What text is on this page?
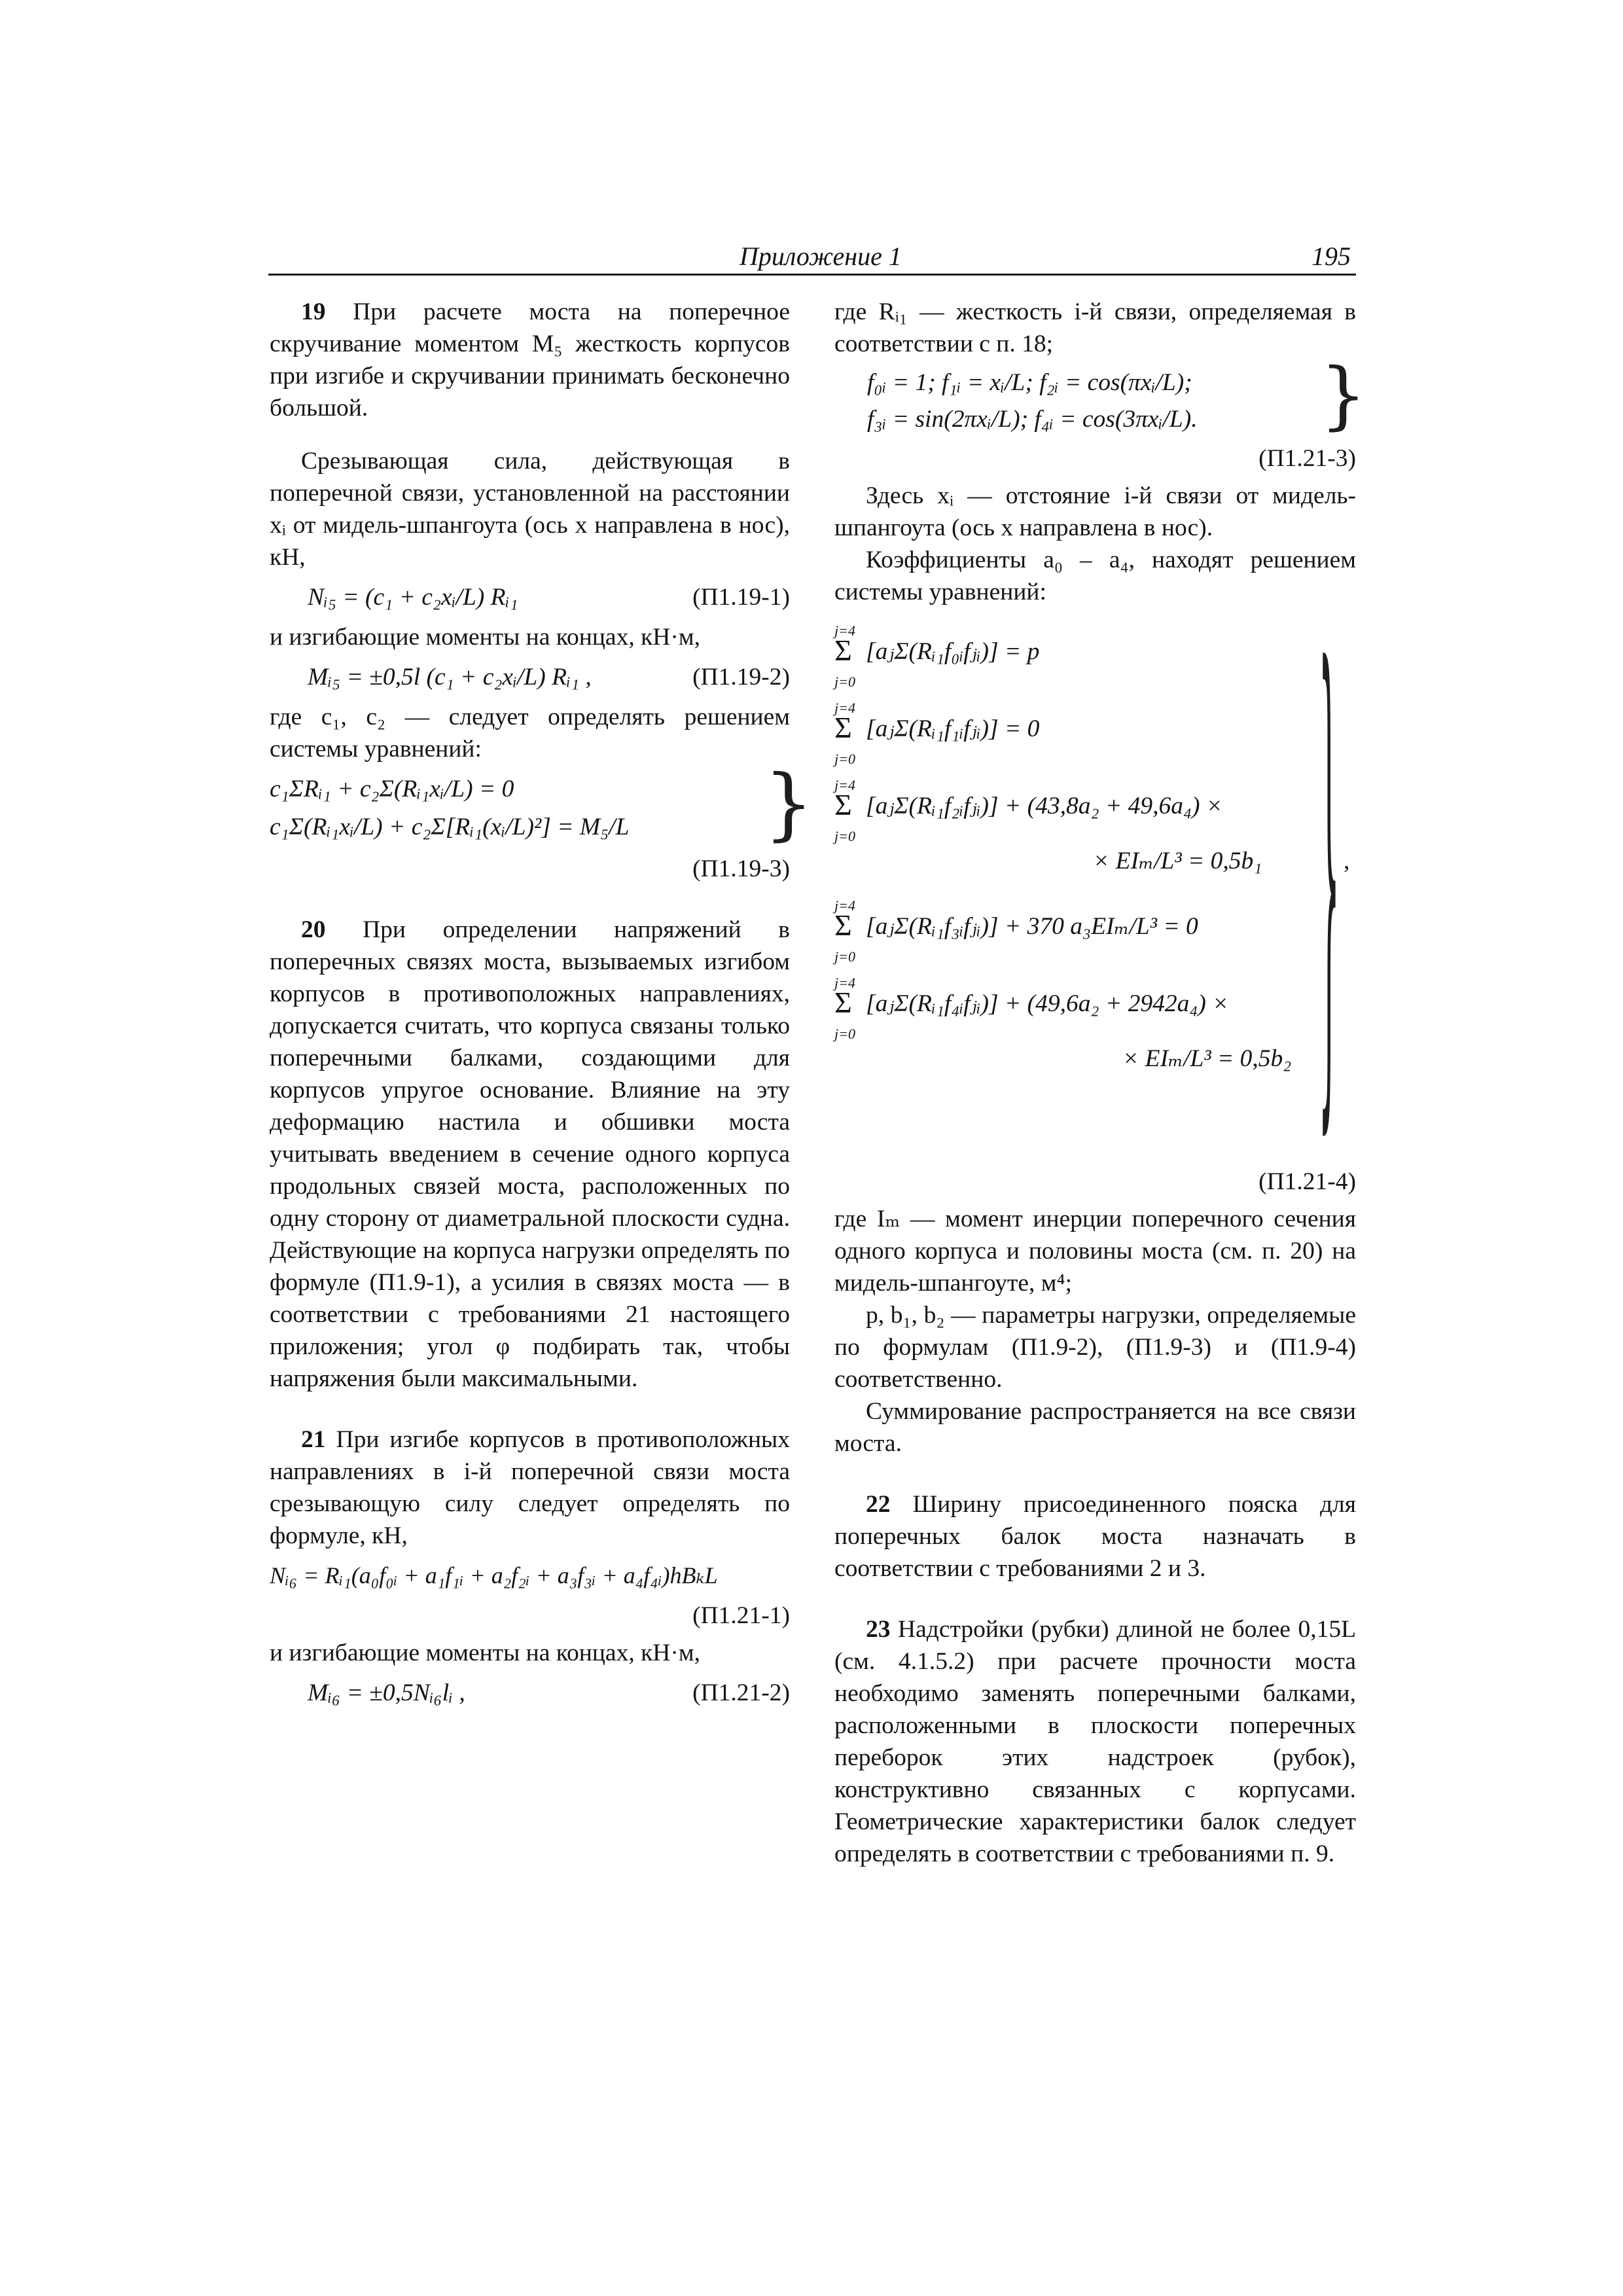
Приложение 1	195

19 При расчете моста на поперечное скручивание моментом M₅ жесткость корпусов при изгибе и скручивании принимать бесконечно большой.

Срезывающая сила, действующая в поперечной связи, установленной на расстоянии xᵢ от мидель-шпангоута (ось x направлена в нос), кН,

Nᵢ₅ = (c₁ + c₂xᵢ/L) Rᵢ₁	(П1.19-1)

и изгибающие моменты на концах, кН·м,

Mᵢ₅ = ±0,5l (c₁ + c₂xᵢ/L) Rᵢ₁ ,	(П1.19-2)

где c₁, c₂ — следует определять решением системы уравнений:

c₁ΣRᵢ₁ + c₂Σ(Rᵢ₁xᵢ/L) = 0
c₁Σ(Rᵢ₁xᵢ/L) + c₂Σ[Rᵢ₁(xᵢ/L)²] = M₅/L }
(П1.19-3)

20 При определении напряжений в поперечных связях моста, вызываемых изгибом корпусов в противоположных направлениях, допускается считать, что корпуса связаны только поперечными балками, создающими для корпусов упругое основание. Влияние на эту деформацию настила и обшивки моста учитывать введением в сечение одного корпуса продольных связей моста, расположенных по одну сторону от диаметральной плоскости судна. Действующие на корпуса нагрузки определять по формуле (П1.9-1), а усилия в связях моста — в соответствии с требованиями 21 настоящего приложения; угол φ подбирать так, чтобы напряжения были максимальными.

21 При изгибе корпусов в противоположных направлениях в i-й поперечной связи моста срезывающую силу следует определять по формуле, кН,

Nᵢ₆ = Rᵢ₁(a₀f₀ᵢ + a₁f₁ᵢ + a₂f₂ᵢ + a₃f₃ᵢ + a₄f₄ᵢ)hBₖL
(П1.21-1)

и изгибающие моменты на концах, кН·м,

Mᵢ₆ = ±0,5Nᵢ₆lᵢ ,	(П1.21-2)

где Rᵢ₁ — жесткость i-й связи, определяемая в соответствии с п. 18;

f₀ᵢ = 1; f₁ᵢ = xᵢ/L; f₂ᵢ = cos(πxᵢ/L);
f₃ᵢ = sin(2πxᵢ/L); f₄ᵢ = cos(3πxᵢ/L). }
(П1.21-3)

Здесь xᵢ — отстояние i-й связи от мидель-шпангоута (ось x направлена в нос).

Коэффициенты a₀ – a₄, находят решением системы уравнений:

j=4
Σ
j=0
[aⱼΣ(Rᵢ₁f₀ᵢfⱼᵢ)] = p
j=4
Σ
j=0
[aⱼΣ(Rᵢ₁f₁ᵢfⱼᵢ)] = 0
j=4
Σ
j=0
[aⱼΣ(Rᵢ₁f₂ᵢfⱼᵢ)] + (43,8a₂ + 49,6a₄) ×
× EIₘ/L³ = 0,5b₁
j=4
Σ
j=0
[aⱼΣ(Rᵢ₁f₃ᵢfⱼᵢ)] + 370 a₃EIₘ/L³ = 0
j=4
Σ
j=0
[aⱼΣ(Rᵢ₁f₄ᵢfⱼᵢ)] + (49,6a₂ + 2942a₄) ×
× EIₘ/L³ = 0,5b₂ } ,
(П1.21-4)

где Iₘ — момент инерции поперечного сечения одного корпуса и половины моста (см. п. 20) на мидель-шпангоуте, м⁴;

p, b₁, b₂ — параметры нагрузки, определяемые по формулам (П1.9-2), (П1.9-3) и (П1.9-4) соответственно.

Суммирование распространяется на все связи моста.

22 Ширину присоединенного пояска для поперечных балок моста назначать в соответствии с требованиями 2 и 3.

23 Надстройки (рубки) длиной не более 0,15L (см. 4.1.5.2) при расчете прочности моста необходимо заменять поперечными балками, расположенными в плоскости поперечных переборок этих надстроек (рубок), конструктивно связанных с корпусами. Геометрические характеристики балок следует определять в соответствии с требованиями п. 9.
